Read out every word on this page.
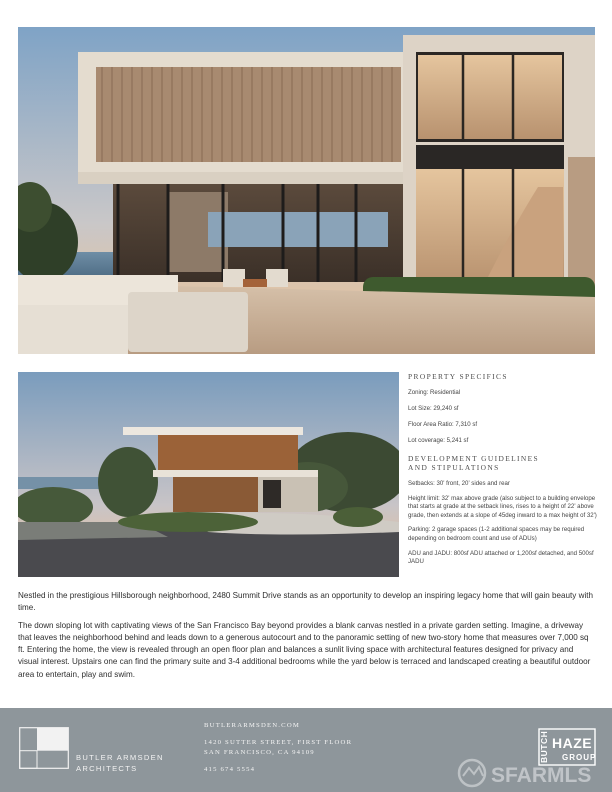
PROPERTY SPECIFICS
Zoning: Residential
Lot Size: 29,240 sf
Floor Area Ratio: 7,310 sf
Lot coverage: 5,241 sf
DEVELOPMENT GUIDELINES
AND STIPULATIONS
Setbacks: 30' front, 20' sides and rear
Height limit: 32' max above grade (also subject to a building envelope that starts at grade at the setback lines, rises to a height of 22' above grade, then extends at a slope of 45deg inward to a max height of 32')
Parking: 2 garage spaces (1-2 additional spaces may be required depending on bedroom count and use of ADUs)
ADU and JADU: 800sf ADU attached or 1,200sf detached, and 500sf JADU

Nestled in the prestigious Hillsborough neighborhood, 2480 Summit Drive stands as an opportunity to develop an inspiring legacy home that will gain beauty with time.

The down sloping lot with captivating views of the San Francisco Bay beyond provides a blank canvas nestled in a private garden setting. Imagine, a driveway that leaves the neighborhood behind and leads down to a generous autocourt and to the panoramic setting of new two-story home that measures over 7,000 sq ft. Entering the home, the view is revealed through an open floor plan and balances a sunlit living space with architectural features designed for privacy and visual interest. Upstairs one can find the primary suite and 3-4 additional bedrooms while the yard below is terraced and landscaped creating a beautiful outdoor area to entertain, play and swim.

BUTLER ARMSDEN
ARCHITECTS
BUTLERARMSDEN.COM
1420 SUTTER STREET, FIRST FLOOR
SAN FRANCISCO, CA 94109
415 674 5554
BUTCH HAZE
GROUP
SFARMLS
